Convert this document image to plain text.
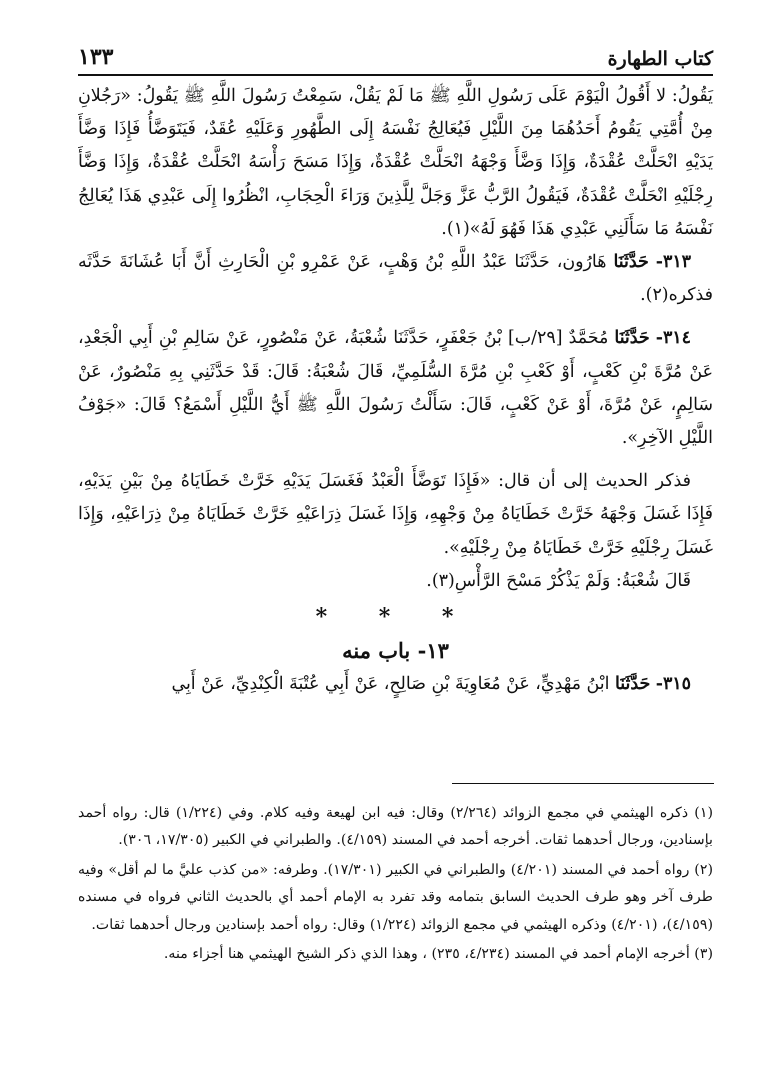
كتاب الطهارة
١٣٣

يَقُولُ: لا أَقُولُ الْيَوْمَ عَلَى رَسُولِ اللَّهِ ﷺ مَا لَمْ يَقُلْ، سَمِعْتُ رَسُولَ اللَّهِ ﷺ يَقُولُ: «رَجُلانِ مِنْ أُمَّتِي يَقُومُ أَحَدُهُمَا مِنَ اللَّيْلِ فَيُعَالِجُ نَفْسَهُ إِلَى الطَّهُورِ وَعَلَيْهِ عُقَدٌ، فَيَتَوَضَّأُ فَإِذَا وَضَّأَ يَدَيْهِ انْحَلَّتْ عُقْدَةٌ، وَإِذَا وَضَّأَ وَجْهَهُ انْحَلَّتْ عُقْدَةٌ، وَإِذَا مَسَحَ رَأْسَهُ انْحَلَّتْ عُقْدَةٌ، وَإِذَا وَضَّأَ رِجْلَيْهِ انْحَلَّتْ عُقْدَةٌ، فَيَقُولُ الرَّبُّ عَزَّ وَجَلَّ لِلَّذِينَ وَرَاءَ الْحِجَابِ، انْظُرُوا إِلَى عَبْدِي هَذَا يُعَالِجُ نَفْسَهُ مَا سَأَلَنِي عَبْدِي هَذَا فَهُوَ لَهُ»(١).

٣١٣- حَدَّثَنَا هَارُون، حَدَّثَنَا عَبْدُ اللَّهِ بْنُ وَهْبٍ، عَنْ عَمْرِو بْنِ الْحَارِثِ أَنَّ أَبَا عُشَانَةَ حَدَّثَه فذكره(٢).

٣١٤- حَدَّثَنَا مُحَمَّدٌ [٢٩/ب] بْنُ جَعْفَرٍ، حَدَّثَنَا شُعْبَةُ، عَنْ مَنْصُورٍ، عَنْ سَالِمِ بْنِ أَبِي الْجَعْدِ، عَنْ مُرَّةَ بْنِ كَعْبٍ، أَوْ كَعْبِ بْنِ مُرَّةَ السُّلَمِيِّ، قَالَ شُعْبَةُ: قَالَ: قَدْ حَدَّثَنِي بِهِ مَنْصُورٌ، عَنْ سَالِمٍ، عَنْ مُرَّةَ، أَوْ عَنْ كَعْبٍ، قَالَ: سَأَلْتُ رَسُولَ اللَّهِ ﷺ أَيُّ اللَّيْلِ أَسْمَعُ؟ قَالَ: «جَوْفُ اللَّيْلِ الآخِرِ».

فذكر الحديث إلى أن قال: «فَإِذَا تَوَضَّأَ الْعَبْدُ فَغَسَلَ يَدَيْهِ خَرَّتْ خَطَايَاهُ مِنْ بَيْنِ يَدَيْهِ، فَإِذَا غَسَلَ وَجْهَهُ خَرَّتْ خَطَايَاهُ مِنْ وَجْهِهِ، وَإِذَا غَسَلَ ذِرَاعَيْهِ خَرَّتْ خَطَايَاهُ مِنْ ذِرَاعَيْهِ، وَإِذَا غَسَلَ رِجْلَيْهِ خَرَّتْ خَطَايَاهُ مِنْ رِجْلَيْهِ».

قَالَ شُعْبَةُ: وَلَمْ يَذْكُرْ مَسْحَ الرَّأْسِ(٣).

* * *
١٣- باب منه

٣١٥- حَدَّثَنَا ابْنُ مَهْدِيٍّ، عَنْ مُعَاوِيَةَ بْنِ صَالِحٍ، عَنْ أَبِي عُتْبَةَ الْكِنْدِيِّ، عَنْ أَبِي

(١) ذكره الهيثمي في مجمع الزوائد (٢/٢٦٤) وقال: فيه ابن لهيعة وفيه كلام. وفي (١/٢٢٤) قال: رواه أحمد بإسنادين، ورجال أحدهما ثقات. أخرجه أحمد في المسند (٤/١٥٩). والطبراني في الكبير (١٧/٣٠٥، ٣٠٦).

(٢) رواه أحمد في المسند (٤/٢٠١) والطبراني في الكبير (١٧/٣٠١). وطرفه: «من كذب عليَّ ما لم أقل» وفيه طرف آخر وهو طرف الحديث السابق بتمامه وقد تفرد به الإمام أحمد أي بالحديث الثاني فرواه في مسنده (٤/١٥٩)، (٤/٢٠١) وذكره الهيثمي في مجمع الزوائد (١/٢٢٤) وقال: رواه أحمد بإسنادين ورجال أحدهما ثقات.

(٣) أخرجه الإمام أحمد في المسند (٤/٢٣٤، ٢٣٥) ، وهذا الذي ذكر الشيخ الهيثمي هنا أجزاء منه.
